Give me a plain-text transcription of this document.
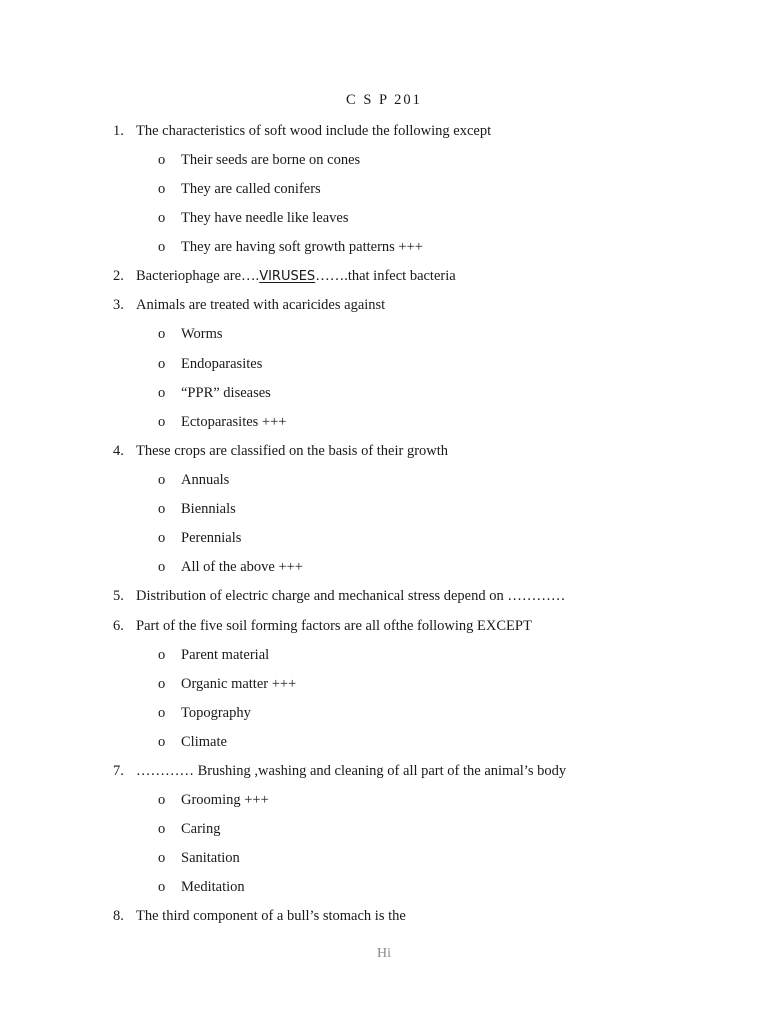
C S P 201
1. The characteristics of soft wood include the following except
o Their seeds are borne on cones
o They are called conifers
o They have needle like leaves
o They are having soft growth patterns +++
2. Bacteriophage are….VIRUSES…….that infect bacteria
3. Animals are treated with acaricides against
o Worms
o Endoparasites
o “PPR” diseases
o Ectoparasites +++
4. These crops are classified on the basis of their growth
o Annuals
o Biennials
o Perennials
o All of the above +++
5. Distribution of electric charge and mechanical stress depend on …………
6. Part of the five soil forming factors are all ofthe following EXCEPT
o Parent material
o Organic matter +++
o Topography
o Climate
7. ………… Brushing ,washing and cleaning of all part of the animal’s body
o Grooming +++
o Caring
o Sanitation
o Meditation
8. The third component of a bull’s stomach is the
Hi
